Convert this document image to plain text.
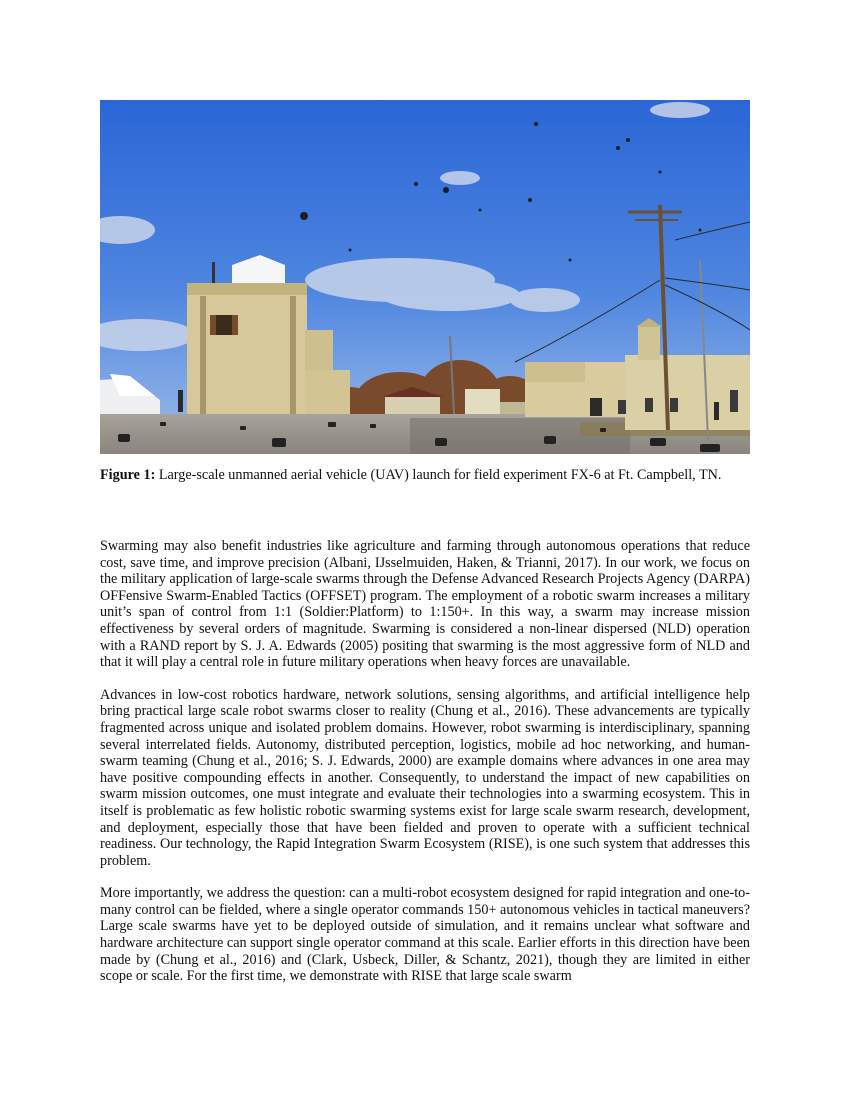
Figure 1: Large-scale unmanned aerial vehicle (UAV) launch for field experiment FX-6 at Ft. Campbell, TN.

Swarming may also benefit industries like agriculture and farming through autonomous operations that reduce cost, save time, and improve precision (Albani, IJsselmuiden, Haken, & Trianni, 2017). In our work, we focus on the military application of large-scale swarms through the Defense Advanced Research Projects Agency (DARPA) OFFensive Swarm-Enabled Tactics (OFFSET) program. The employment of a robotic swarm increases a military unit’s span of control from 1:1 (Soldier:Platform) to 1:150+. In this way, a swarm may increase mission effectiveness by several orders of magnitude. Swarming is considered a non-linear dispersed (NLD) operation with a RAND report by S. J. A. Edwards (2005) positing that swarming is the most aggressive form of NLD and that it will play a central role in future military operations when heavy forces are unavailable.

Advances in low-cost robotics hardware, network solutions, sensing algorithms, and artificial intelligence help bring practical large scale robot swarms closer to reality (Chung et al., 2016). These advancements are typically fragmented across unique and isolated problem domains. However, robot swarming is interdisciplinary, spanning several interrelated fields. Autonomy, distributed perception, logistics, mobile ad hoc networking, and human-swarm teaming (Chung et al., 2016; S. J. Edwards, 2000) are example domains where advances in one area may have positive compounding effects in another. Consequently, to understand the impact of new capabilities on swarm mission outcomes, one must integrate and evaluate their technologies into a swarming ecosystem. This in itself is problematic as few holistic robotic swarming systems exist for large scale swarm research, development, and deployment, especially those that have been fielded and proven to operate with a sufficient technical readiness. Our technology, the Rapid Integration Swarm Ecosystem (RISE), is one such system that addresses this problem.

More importantly, we address the question: can a multi-robot ecosystem designed for rapid integration and one-to-many control can be fielded, where a single operator commands 150+ autonomous vehicles in tactical maneuvers? Large scale swarms have yet to be deployed outside of simulation, and it remains unclear what software and hardware architecture can support single operator command at this scale. Earlier efforts in this direction have been made by (Chung et al., 2016) and (Clark, Usbeck, Diller, & Schantz, 2021), though they are limited in either scope or scale. For the first time, we demonstrate with RISE that large scale swarm
